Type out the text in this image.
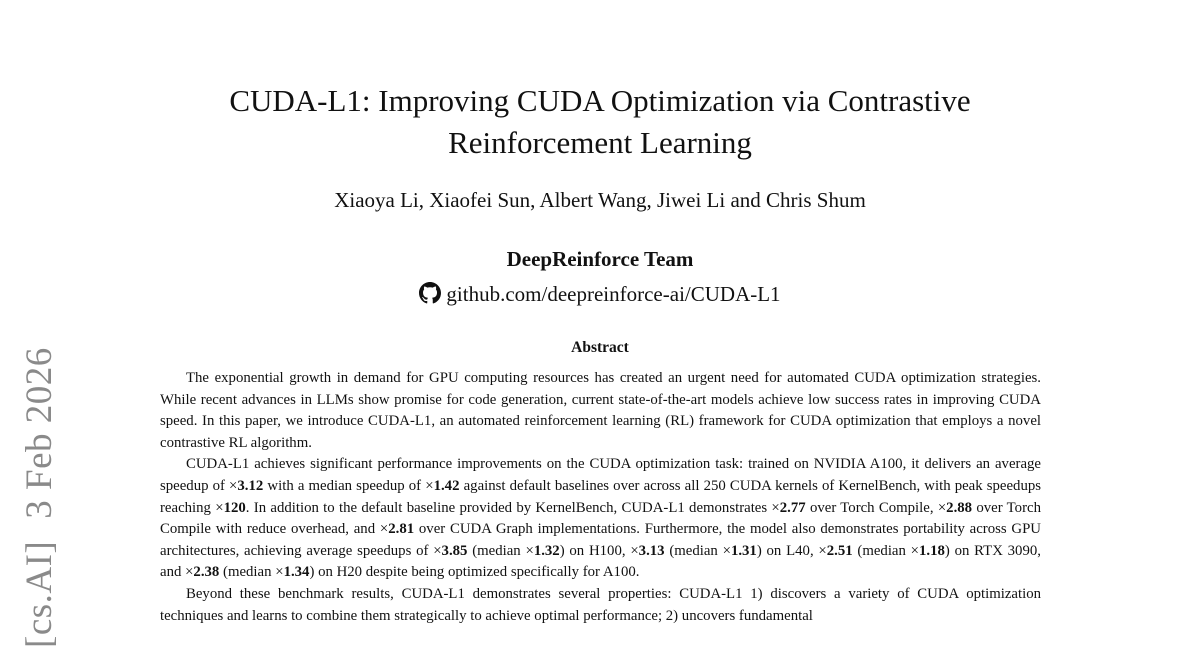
[cs.AI]3 Feb 2026
CUDA-L1: Improving CUDA Optimization via Contrastive
Reinforcement Learning
Xiaoya Li, Xiaofei Sun, Albert Wang, Jiwei Li and Chris Shum
DeepReinforce Team
github.com/deepreinforce-ai/CUDA-L1
Abstract

The exponential growth in demand for GPU computing resources has created an urgent need for automated CUDA optimization strategies. While recent advances in LLMs show promise for code generation, current state-of-the-art models achieve low success rates in improving CUDA speed. In this paper, we introduce CUDA-L1, an automated reinforcement learning (RL) framework for CUDA optimization that employs a novel contrastive RL algorithm.

CUDA-L1 achieves significant performance improvements on the CUDA optimization task: trained on NVIDIA A100, it delivers an average speedup of ×3.12 with a median speedup of ×1.42 against default baselines over across all 250 CUDA kernels of KernelBench, with peak speedups reaching ×120. In addition to the default baseline provided by KernelBench, CUDA-L1 demonstrates ×2.77 over Torch Compile, ×2.88 over Torch Compile with reduce overhead, and ×2.81 over CUDA Graph implementations. Furthermore, the model also demonstrates portability across GPU architectures, achieving average speedups of ×3.85 (median ×1.32) on H100, ×3.13 (median ×1.31) on L40, ×2.51 (median ×1.18) on RTX 3090, and ×2.38 (median ×1.34) on H20 despite being optimized specifically for A100.

Beyond these benchmark results, CUDA-L1 demonstrates several properties: CUDA-L1 1) discovers a variety of CUDA optimization techniques and learns to combine them strategically to achieve optimal performance; 2) uncovers fundamental
